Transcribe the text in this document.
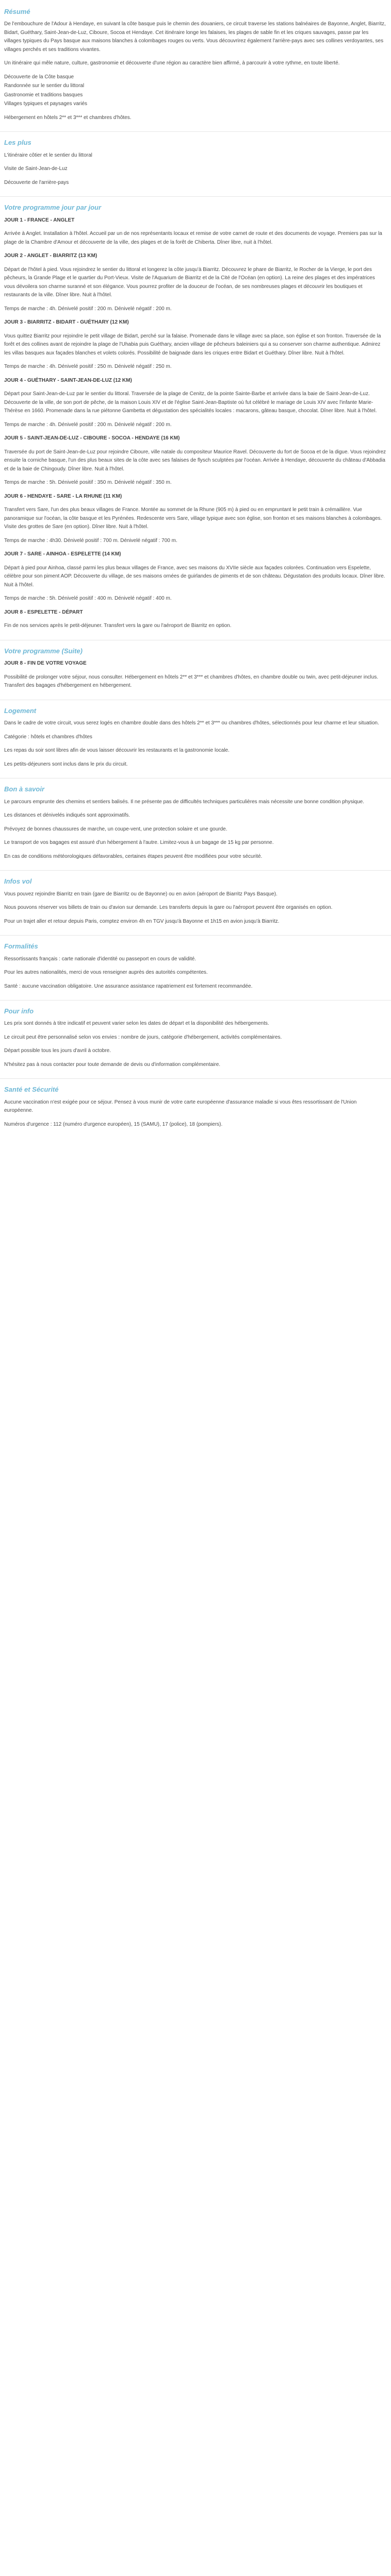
Résumé

De l'embouchure de l'Adour à Hendaye, en suivant la côte basque puis le chemin des douaniers, ce circuit traverse les stations balnéaires de Bayonne, Anglet, Biarritz, Bidart, Guéthary, Saint-Jean-de-Luz, Ciboure, Socoa et Hendaye. Cet itinéraire longe les falaises, les plages de sable fin et les criques sauvages, passe par les villages typiques du Pays basque aux maisons blanches à colombages rouges ou verts. Vous découvrirez également l'arrière-pays avec ses collines verdoyantes, ses villages perchés et ses traditions vivantes.

Un itinéraire qui mêle nature, culture, gastronomie et découverte d'une région au caractère bien affirmé, à parcourir à votre rythme, en toute liberté.

Découverte de la Côte basque
Randonnée sur le sentier du littoral
Gastronomie et traditions basques
Villages typiques et paysages variés

Hébergement en hôtels 2** et 3*** et chambres d'hôtes.

Les plus

L'itinéraire côtier et le sentier du littoral

Visite de Saint-Jean-de-Luz

Découverte de l'arrière-pays

Votre programme jour par jour

JOUR 1 - FRANCE - ANGLET

Arrivée à Anglet. Installation à l'hôtel. Accueil par un de nos représentants locaux et remise de votre carnet de route et des documents de voyage. Premiers pas sur la plage de la Chambre d'Amour et découverte de la ville, des plages et de la forêt de Chiberta. Dîner libre, nuit à l'hôtel.

JOUR 2 - ANGLET - BIARRITZ (13 KM)

Départ de l'hôtel à pied. Vous rejoindrez le sentier du littoral et longerez la côte jusqu'à Biarritz. Découvrez le phare de Biarritz, le Rocher de la Vierge, le port des pêcheurs, la Grande Plage et le quartier du Port-Vieux. Visite de l'Aquarium de Biarritz et de la Cité de l'Océan (en option). La reine des plages et des impératrices vous dévoilera son charme suranné et son élégance. Vous pourrez profiter de la douceur de l'océan, de ses nombreuses plages et découvrir les boutiques et restaurants de la ville. Dîner libre. Nuit à l'hôtel.

Temps de marche : 4h. Dénivelé positif : 200 m. Dénivelé négatif : 200 m.

JOUR 3 - BIARRITZ - BIDART - GUÉTHARY (12 KM)

Vous quittez Biarritz pour rejoindre le petit village de Bidart, perché sur la falaise. Promenade dans le village avec sa place, son église et son fronton. Traversée de la forêt et des collines avant de rejoindre la plage de l'Uhabia puis Guéthary, ancien village de pêcheurs baleiniers qui a su conserver son charme authentique. Admirez les villas basques aux façades blanches et volets colorés. Possibilité de baignade dans les criques entre Bidart et Guéthary. Dîner libre. Nuit à l'hôtel.

Temps de marche : 4h. Dénivelé positif : 250 m. Dénivelé négatif : 250 m.

JOUR 4 - GUÉTHARY - SAINT-JEAN-DE-LUZ (12 KM)

Départ pour Saint-Jean-de-Luz par le sentier du littoral. Traversée de la plage de Cenitz, de la pointe Sainte-Barbe et arrivée dans la baie de Saint-Jean-de-Luz. Découverte de la ville, de son port de pêche, de la maison Louis XIV et de l'église Saint-Jean-Baptiste où fut célébré le mariage de Louis XIV avec l'infante Marie-Thérèse en 1660. Promenade dans la rue piétonne Gambetta et dégustation des spécialités locales : macarons, gâteau basque, chocolat. Dîner libre. Nuit à l'hôtel.

Temps de marche : 4h. Dénivelé positif : 200 m. Dénivelé négatif : 200 m.

JOUR 5 - SAINT-JEAN-DE-LUZ - CIBOURE - SOCOA - HENDAYE (16 KM)

Traversée du port de Saint-Jean-de-Luz pour rejoindre Ciboure, ville natale du compositeur Maurice Ravel. Découverte du fort de Socoa et de la digue. Vous rejoindrez ensuite la corniche basque, l'un des plus beaux sites de la côte avec ses falaises de flysch sculptées par l'océan. Arrivée à Hendaye, découverte du château d'Abbadia et de la baie de Chingoudy. Dîner libre. Nuit à l'hôtel.

Temps de marche : 5h. Dénivelé positif : 350 m. Dénivelé négatif : 350 m.

JOUR 6 - HENDAYE - SARE - LA RHUNE (11 KM)

Transfert vers Sare, l'un des plus beaux villages de France. Montée au sommet de la Rhune (905 m) à pied ou en empruntant le petit train à crémaillère. Vue panoramique sur l'océan, la côte basque et les Pyrénées. Redescente vers Sare, village typique avec son église, son fronton et ses maisons blanches à colombages. Visite des grottes de Sare (en option). Dîner libre. Nuit à l'hôtel.

Temps de marche : 4h30. Dénivelé positif : 700 m. Dénivelé négatif : 700 m.

JOUR 7 - SARE - AINHOA - ESPELETTE (14 KM)

Départ à pied pour Ainhoa, classé parmi les plus beaux villages de France, avec ses maisons du XVIIe siècle aux façades colorées. Continuation vers Espelette, célèbre pour son piment AOP. Découverte du village, de ses maisons ornées de guirlandes de piments et de son château. Dégustation des produits locaux. Dîner libre. Nuit à l'hôtel.

Temps de marche : 5h. Dénivelé positif : 400 m. Dénivelé négatif : 400 m.

JOUR 8 - ESPELETTE - DÉPART

Fin de nos services après le petit-déjeuner. Transfert vers la gare ou l'aéroport de Biarritz en option.

Votre programme (Suite)

JOUR 8 - FIN DE VOTRE VOYAGE

Possibilité de prolonger votre séjour, nous consulter. Hébergement en hôtels 2** et 3*** et chambres d'hôtes, en chambre double ou twin, avec petit-déjeuner inclus. Transfert des bagages d'hébergement en hébergement.

Logement

Dans le cadre de votre circuit, vous serez logés en chambre double dans des hôtels 2** et 3*** ou chambres d'hôtes, sélectionnés pour leur charme et leur situation.

Catégorie : hôtels et chambres d'hôtes

Les repas du soir sont libres afin de vous laisser découvrir les restaurants et la gastronomie locale.

Les petits-déjeuners sont inclus dans le prix du circuit.

Bon à savoir

Le parcours emprunte des chemins et sentiers balisés. Il ne présente pas de difficultés techniques particulières mais nécessite une bonne condition physique.

Les distances et dénivelés indiqués sont approximatifs.

Prévoyez de bonnes chaussures de marche, un coupe-vent, une protection solaire et une gourde.

Le transport de vos bagages est assuré d'un hébergement à l'autre. Limitez-vous à un bagage de 15 kg par personne.

En cas de conditions météorologiques défavorables, certaines étapes peuvent être modifiées pour votre sécurité.

Infos vol

Vous pouvez rejoindre Biarritz en train (gare de Biarritz ou de Bayonne) ou en avion (aéroport de Biarritz Pays Basque).

Nous pouvons réserver vos billets de train ou d'avion sur demande. Les transferts depuis la gare ou l'aéroport peuvent être organisés en option.

Pour un trajet aller et retour depuis Paris, comptez environ 4h en TGV jusqu'à Bayonne et 1h15 en avion jusqu'à Biarritz.

Formalités

Ressortissants français : carte nationale d'identité ou passeport en cours de validité.

Pour les autres nationalités, merci de vous renseigner auprès des autorités compétentes.

Santé : aucune vaccination obligatoire. Une assurance assistance rapatriement est fortement recommandée.

Pour info

Les prix sont donnés à titre indicatif et peuvent varier selon les dates de départ et la disponibilité des hébergements.

Le circuit peut être personnalisé selon vos envies : nombre de jours, catégorie d'hébergement, activités complémentaires.

Départ possible tous les jours d'avril à octobre.

N'hésitez pas à nous contacter pour toute demande de devis ou d'information complémentaire.

Santé et Sécurité

Aucune vaccination n'est exigée pour ce séjour. Pensez à vous munir de votre carte européenne d'assurance maladie si vous êtes ressortissant de l'Union européenne.

Numéros d'urgence : 112 (numéro d'urgence européen), 15 (SAMU), 17 (police), 18 (pompiers).
